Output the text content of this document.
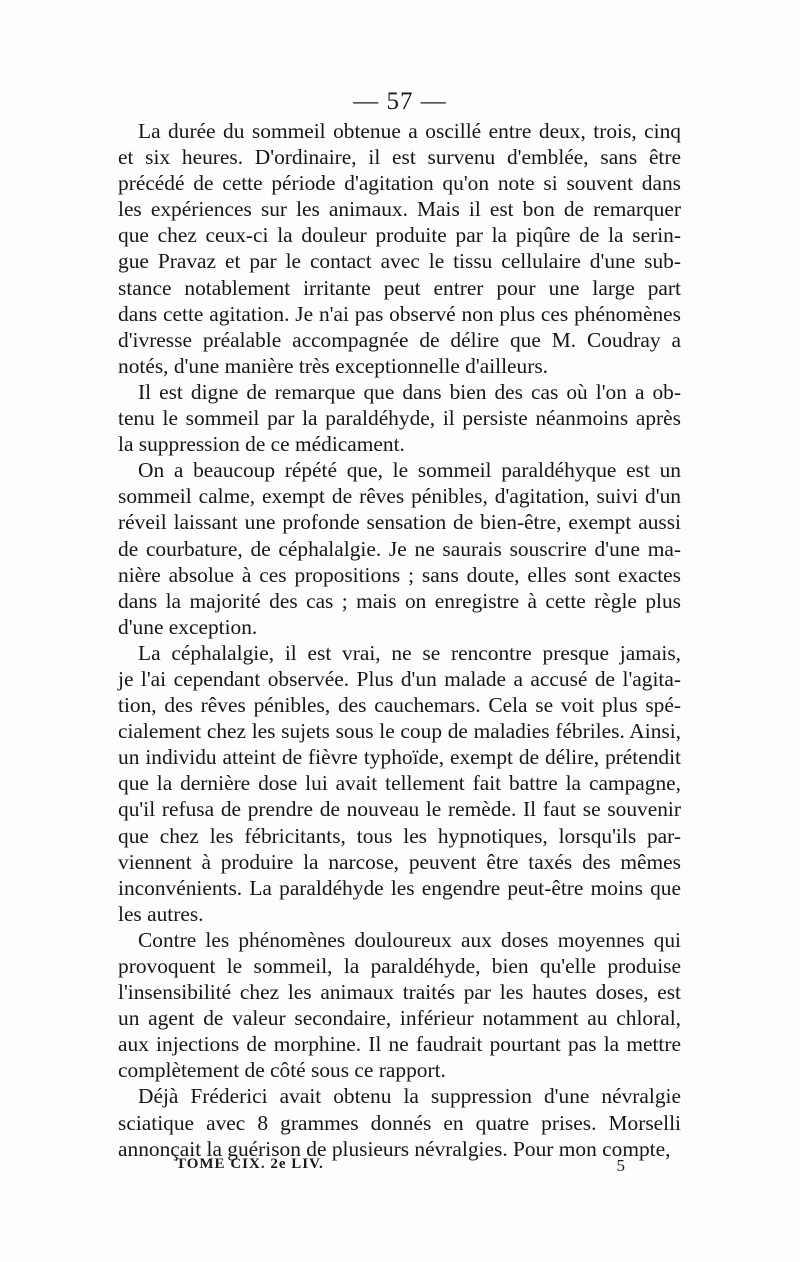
— 57 —
La durée du sommeil obtenue a oscillé entre deux, trois, cinq
et six heures. D'ordinaire, il est survenu d'emblée, sans être
précédé de cette période d'agitation qu'on note si souvent dans
les expériences sur les animaux. Mais il est bon de remarquer
que chez ceux-ci la douleur produite par la piqûre de la serin-
gue Pravaz et par le contact avec le tissu cellulaire d'une sub-
stance notablement irritante peut entrer pour une large part
dans cette agitation. Je n'ai pas observé non plus ces phénomènes
d'ivresse préalable accompagnée de délire que M. Coudray a
notés, d'une manière très exceptionnelle d'ailleurs.
Il est digne de remarque que dans bien des cas où l'on a ob-
tenu le sommeil par la paraldéhyde, il persiste néanmoins après
la suppression de ce médicament.
On a beaucoup répété que, le sommeil paraldéhyque est un
sommeil calme, exempt de rêves pénibles, d'agitation, suivi d'un
réveil laissant une profonde sensation de bien-être, exempt aussi
de courbature, de céphalalgie. Je ne saurais souscrire d'une ma-
nière absolue à ces propositions ; sans doute, elles sont exactes
dans la majorité des cas ; mais on enregistre à cette règle plus
d'une exception.
La céphalalgie, il est vrai, ne se rencontre presque jamais,
je l'ai cependant observée. Plus d'un malade a accusé de l'agita-
tion, des rêves pénibles, des cauchemars. Cela se voit plus spé-
cialement chez les sujets sous le coup de maladies fébriles. Ainsi,
un individu atteint de fièvre typhoïde, exempt de délire, prétendit
que la dernière dose lui avait tellement fait battre la campagne,
qu'il refusa de prendre de nouveau le remède. Il faut se souvenir
que chez les fébricitants, tous les hypnotiques, lorsqu'ils par-
viennent à produire la narcose, peuvent être taxés des mêmes
inconvénients. La paraldéhyde les engendre peut-être moins que
les autres.
Contre les phénomènes douloureux aux doses moyennes qui
provoquent le sommeil, la paraldéhyde, bien qu'elle produise
l'insensibilité chez les animaux traités par les hautes doses, est
un agent de valeur secondaire, inférieur notamment au chloral,
aux injections de morphine. Il ne faudrait pourtant pas la mettre
complètement de côté sous ce rapport.
Déjà Fréderici avait obtenu la suppression d'une névralgie
sciatique avec 8 grammes donnés en quatre prises. Morselli
annonçait la guérison de plusieurs névralgies. Pour mon compte,
TOME CIX. 2e LIV.	5
